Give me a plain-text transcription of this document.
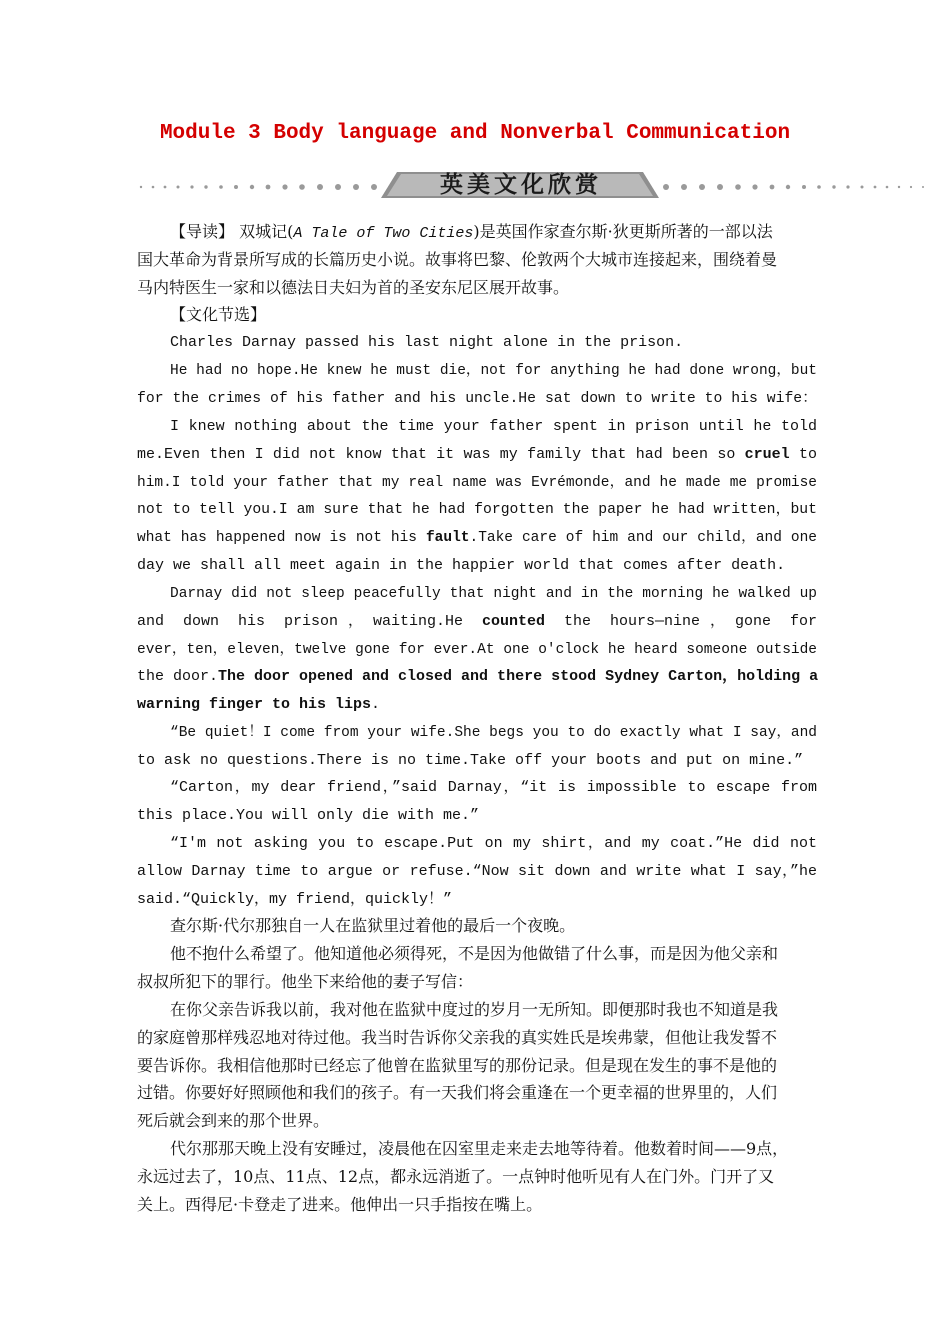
Module 3 Body language and Nonverbal Communication
英美文化欣赏
【导读】 双城记(A Tale of Two Cities)是英国作家查尔斯·狄更斯所著的一部以法
国大革命为背景所写成的长篇历史小说。故事将巴黎、伦敦两个大城市连接起来，围绕着曼
马内特医生一家和以德法日夫妇为首的圣安东尼区展开故事。
【文化节选】
Charles Darnay passed his last night alone in the prison.
He had no hope.He knew he must die，not for anything he had done wrong，but
for the crimes of his father and his uncle.He sat down to write to his wife：
I knew nothing about the time your father spent in prison until he told
me.Even then I did not know that it was my family that had been so cruel to
him.I told your father that my real name was Evrémonde，and he made me promise
not to tell you.I am sure that he had forgotten the paper he had written，but
what has happened now is not his fault.Take care of him and our child，and one
day we shall all meet again in the happier world that comes after death.
Darnay did not sleep peacefully that night and in the morning he walked up
and down his prison，waiting.He counted the hours—nine，gone for
ever，ten，eleven，twelve gone for ever.At one o'clock he heard someone outside
the door.The door opened and closed and there stood Sydney Carton，holding a
warning finger to his lips.
“Be quiet！I come from your wife.She begs you to do exactly what I say，and
to ask no questions.There is no time.Take off your boots and put on mine.”
“Carton，my dear friend，”said Darnay，“it is impossible to escape from
this place.You will only die with me.”
“I'm not asking you to escape.Put on my shirt，and my coat.”He did not
allow Darnay time to argue or refuse.“Now sit down and write what I say，”he
said.“Quickly，my friend，quickly！”
查尔斯·代尔那独自一人在监狱里过着他的最后一个夜晚。
他不抱什么希望了。他知道他必须得死，不是因为他做错了什么事，而是因为他父亲和
叔叔所犯下的罪行。他坐下来给他的妻子写信：
在你父亲告诉我以前，我对他在监狱中度过的岁月一无所知。即便那时我也不知道是我
的家庭曾那样残忍地对待过他。我当时告诉你父亲我的真实姓氏是埃弗蒙，但他让我发誓不
要告诉你。我相信他那时已经忘了他曾在监狱里写的那份记录。但是现在发生的事不是他的
过错。你要好好照顾他和我们的孩子。有一天我们将会重逢在一个更幸福的世界里的，人们
死后就会到来的那个世界。
代尔那那天晚上没有安睡过，凌晨他在囚室里走来走去地等待着。他数着时间——9点，
永远过去了，10点、11点、12点，都永远消逝了。一点钟时他听见有人在门外。门开了又
关上。西得尼·卡登走了进来。他伸出一只手指按在嘴上。
